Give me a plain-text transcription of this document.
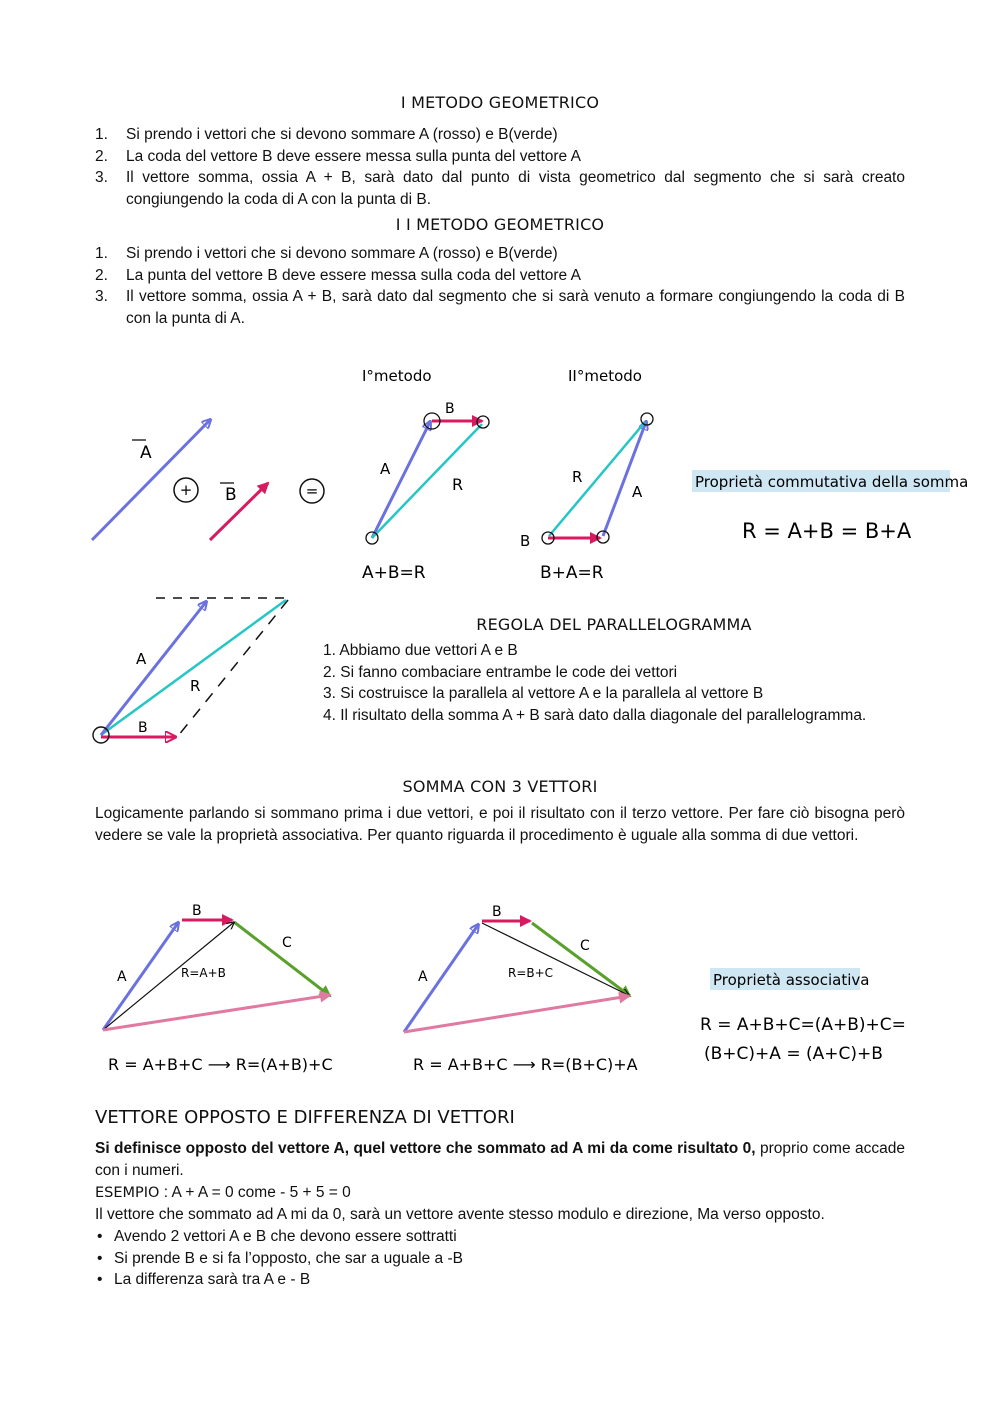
I METODO GEOMETRICO
1. Si prendo i vettori che si devono sommare A (rosso) e B(verde)
2. La coda del vettore B deve essere messa sulla punta del vettore A
3. Il vettore somma, ossia A + B, sarà dato dal punto di vista geometrico dal segmento che si sarà creato congiungendo la coda di A con la punta di B.
I I METODO GEOMETRICO
1. Si prendo i vettori che si devono sommare A (rosso) e B(verde)
2. La punta del vettore B deve essere messa sulla coda del vettore A
3. Il vettore somma, ossia A + B, sarà dato dal segmento che si sarà venuto a formare congiungendo la coda di B con la punta di A.
A
+ B	=
I°metodo
B
A
R
A+B=R
II°metodo
B
R
A
B+A=R
Proprietà commutativa della somma
R = A+B = B+A
A
R
B
REGOLA DEL PARALLELOGRAMMA
1. Abbiamo due vettori A e B
2. Si fanno combaciare entrambe le code dei vettori
3. Si costruisce la parallela al vettore A e la parallela al vettore B
4. Il risultato della somma A + B sarà dato dalla diagonale del parallelogramma.
SOMMA CON 3 VETTORI
Logicamente parlando si sommano prima i due vettori, e poi il risultato con il terzo vettore. Per fare ciò bisogna però vedere se vale la proprietà associativa. Per quanto riguarda il procedimento è uguale alla somma di due vettori.
A
B
C
R=A+B
R = A+B+C ⟶ R=(A+B)+C
A
B
C
R=B+C
R = A+B+C ⟶ R=(B+C)+A
Proprietà associativa
R = A+B+C=(A+B)+C=
(B+C)+A = (A+C)+B
VETTORE OPPOSTO E DIFFERENZA DI VETTORI
Si definisce opposto del vettore A, quel vettore che sommato ad A mi da come risultato 0, proprio come accade con i numeri.
ESEMPIO : A + A = 0 come - 5 + 5 = 0
Il vettore che sommato ad A mi da 0, sarà un vettore avente stesso modulo e direzione, Ma verso opposto.
• Avendo 2 vettori A e B che devono essere sottratti
• Si prende B e si fa l’opposto, che sar a uguale a -B
• La differenza sarà tra A e - B
